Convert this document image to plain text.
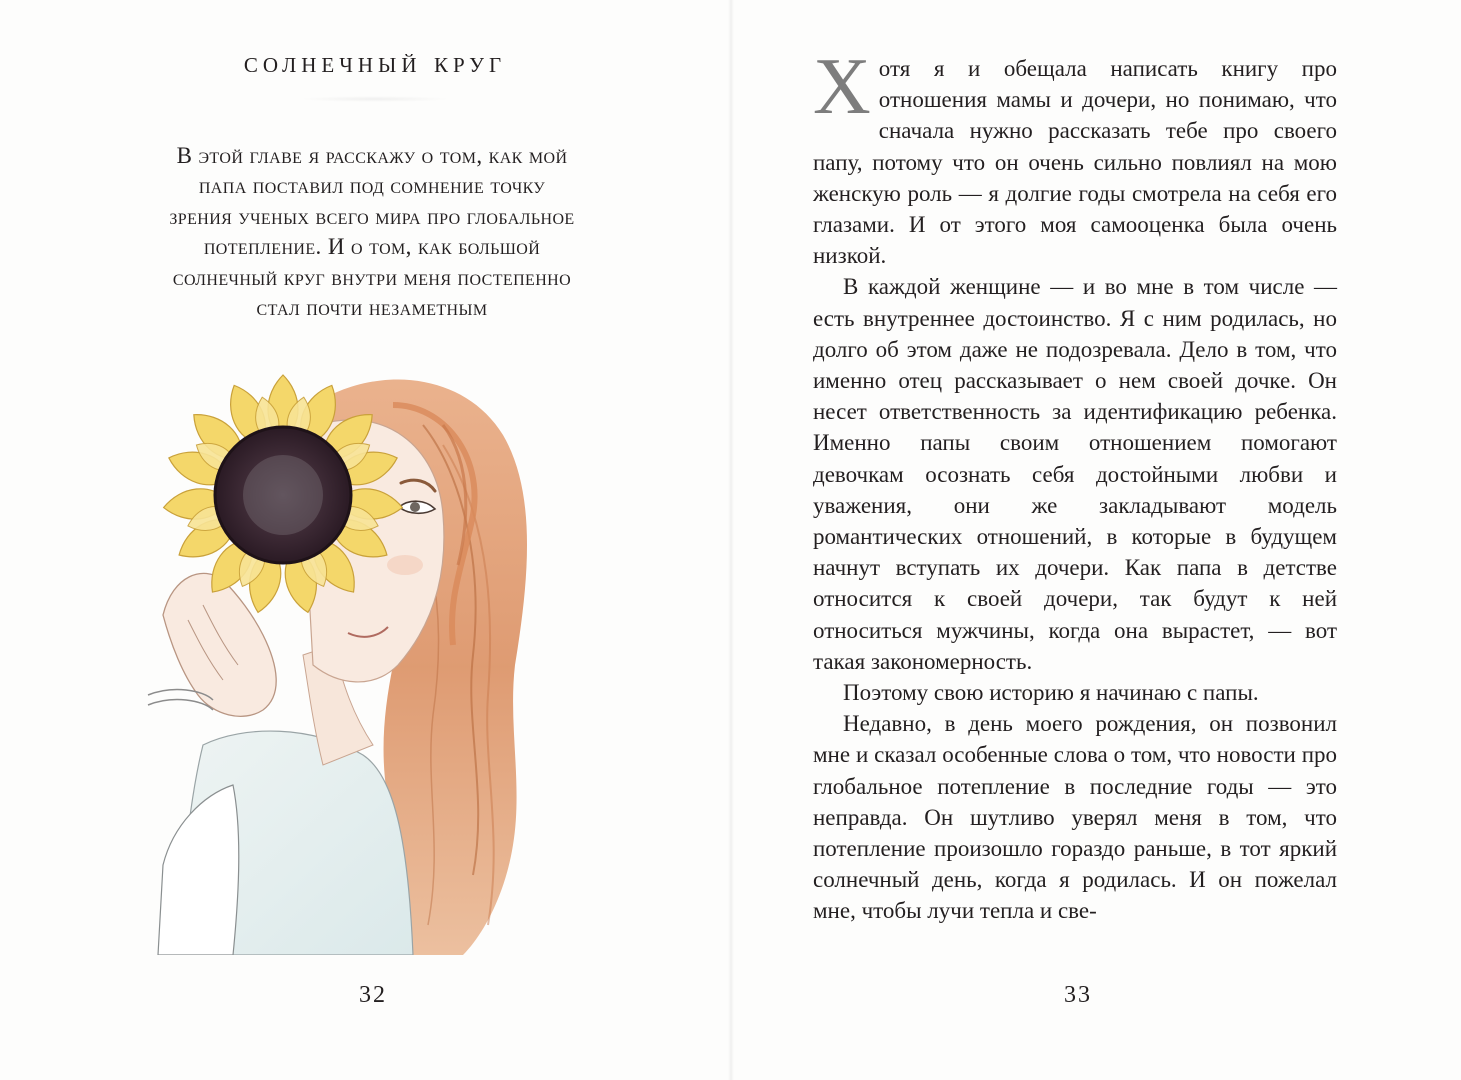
солнечный круг

В этой главе я расскажу о том, как мой
папа поставил под сомнение точку
зрения ученых всего мира про глобальное
потепление. И о том, как большой
солнечный круг внутри меня постепенно
стал почти незаметным

32	33

Хотя я и обещала написать книгу про отношения мамы и дочери, но понимаю, что сначала нужно рассказать тебе про своего папу, потому что он очень сильно повлиял на мою женскую роль — я долгие годы смотрела на себя его глазами. И от этого моя самооценка была очень низкой.

В каждой женщине — и во мне в том числе — есть внутреннее достоинство. Я с ним родилась, но долго об этом даже не подозревала. Дело в том, что именно отец рассказывает о нем своей дочке. Он несет ответственность за идентификацию ребенка. Именно папы своим отношением помогают девочкам осознать себя достойными любви и уважения, они же закладывают модель романтических отношений, в которые в будущем начнут вступать их дочери. Как папа в детстве относится к своей дочери, так будут к ней относиться мужчины, когда она вырастет, — вот такая закономерность.

Поэтому свою историю я начинаю с папы.

Недавно, в день моего рождения, он позвонил мне и сказал особенные слова о том, что новости про глобальное потепление в последние годы — это неправда. Он шутливо уверял меня в том, что потепление произошло гораздо раньше, в тот яркий солнечный день, когда я родилась. И он пожелал мне, чтобы лучи тепла и све-
